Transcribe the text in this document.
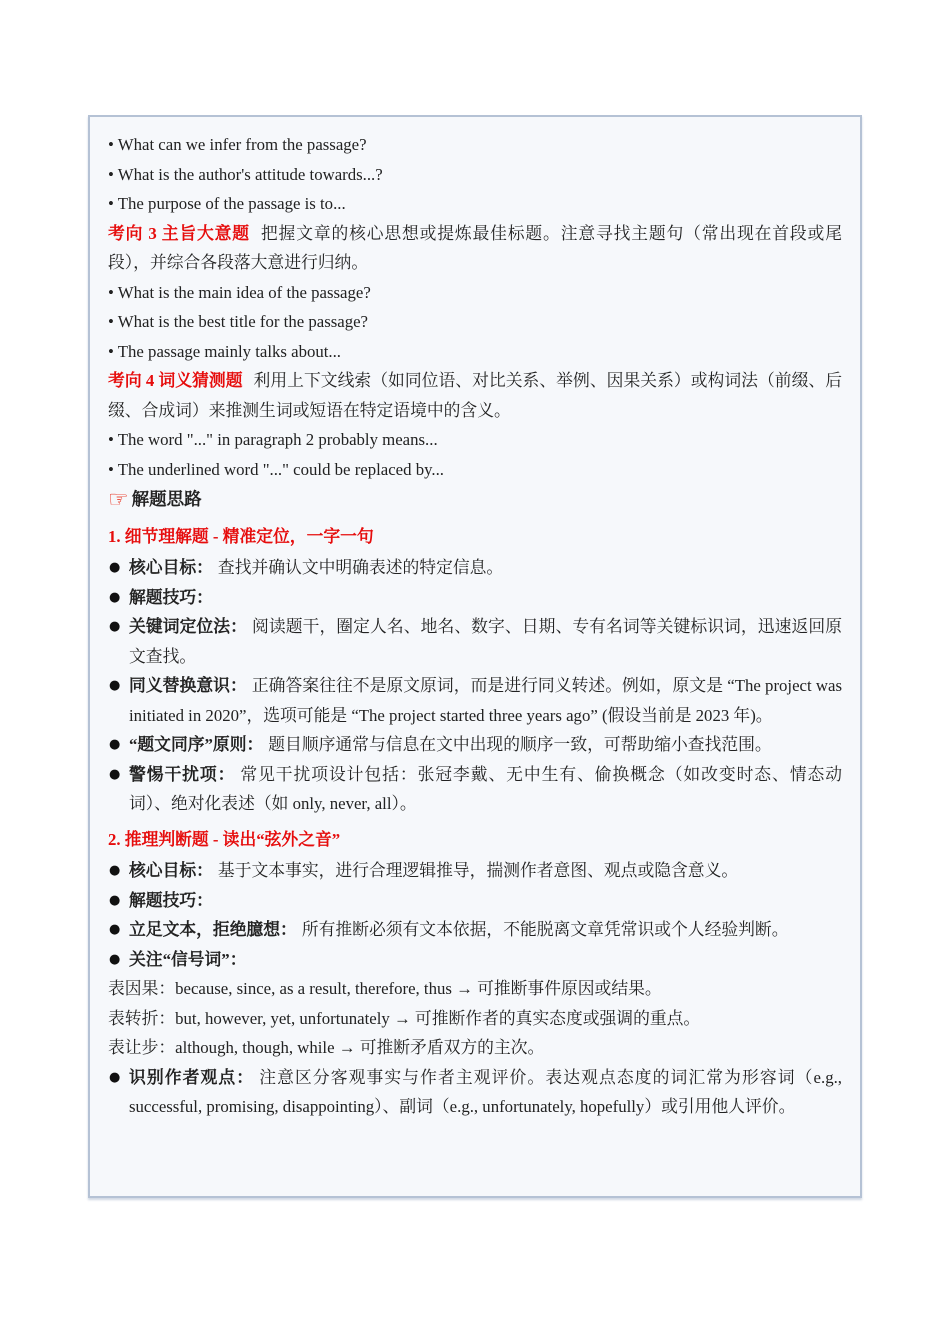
• What can we infer from the passage?
• What is the author's attitude towards...?
• The purpose of the passage is to...
考向 3 主旨大意题 把握文章的核心思想或提炼最佳标题。注意寻找主题句（常出现在首段或尾段），并综合各段落大意进行归纳。
• What is the main idea of the passage?
• What is the best title for the passage?
• The passage mainly talks about...
考向 4 词义猜测题 利用上下文线索（如同位语、对比关系、举例、因果关系）或构词法（前缀、后缀、合成词）来推测生词或短语在特定语境中的含义。
• The word "..." in paragraph 2 probably means...
• The underlined word "..." could be replaced by...
☞ 解题思路
1. 细节理解题 - 精准定位，一字一句
● 核心目标： 查找并确认文中明确表述的特定信息。
● 解题技巧：
● 关键词定位法： 阅读题干，圈定人名、地名、数字、日期、专有名词等关键标识词，迅速返回原文查找。
● 同义替换意识： 正确答案往往不是原文原词，而是进行同义转述。例如，原文是 “The project was initiated in 2020”，选项可能是 “The project started three years ago” (假设当前是 2023 年)。
● “题文同序”原则： 题目顺序通常与信息在文中出现的顺序一致，可帮助缩小查找范围。
● 警惕干扰项： 常见干扰项设计包括：张冠李戴、无中生有、偷换概念（如改变时态、情态动词）、绝对化表述（如 only, never, all）。
2. 推理判断题 - 读出“弦外之音”
● 核心目标： 基于文本事实，进行合理逻辑推导，揣测作者意图、观点或隐含意义。
● 解题技巧：
● 立足文本，拒绝臆想： 所有推断必须有文本依据，不能脱离文章凭常识或个人经验判断。
● 关注“信号词”：
表因果：because, since, as a result, therefore, thus → 可推断事件原因或结果。
表转折：but, however, yet, unfortunately → 可推断作者的真实态度或强调的重点。
表让步：although, though, while → 可推断矛盾双方的主次。
● 识别作者观点： 注意区分客观事实与作者主观评价。表达观点态度的词汇常为形容词（e.g., successful, promising, disappointing）、副词（e.g., unfortunately, hopefully）或引用他人评价。
